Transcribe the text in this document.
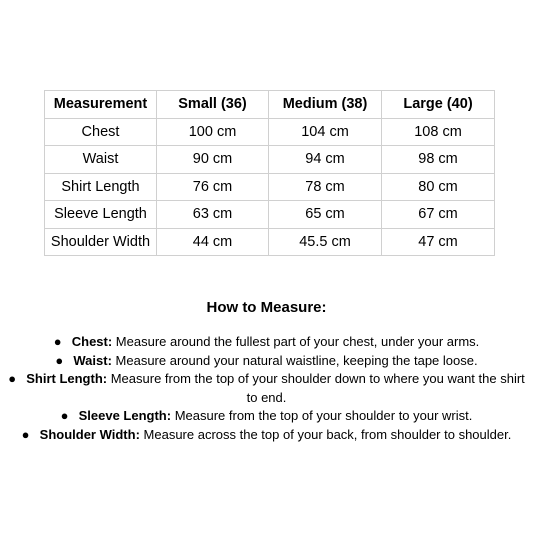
Measurement	Small (36)	Medium (38)	Large (40)
Chest	100 cm	104 cm	108 cm
Waist	90 cm	94 cm	98 cm
Shirt Length	76 cm	78 cm	80 cm
Sleeve Length	63 cm	65 cm	67 cm
Shoulder Width	44 cm	45.5 cm	47 cm
How to Measure:
● Chest: Measure around the fullest part of your chest, under your arms.
● Waist: Measure around your natural waistline, keeping the tape loose.
● Shirt Length: Measure from the top of your shoulder down to where you want the shirt to end.
● Sleeve Length: Measure from the top of your shoulder to your wrist.
● Shoulder Width: Measure across the top of your back, from shoulder to shoulder.
